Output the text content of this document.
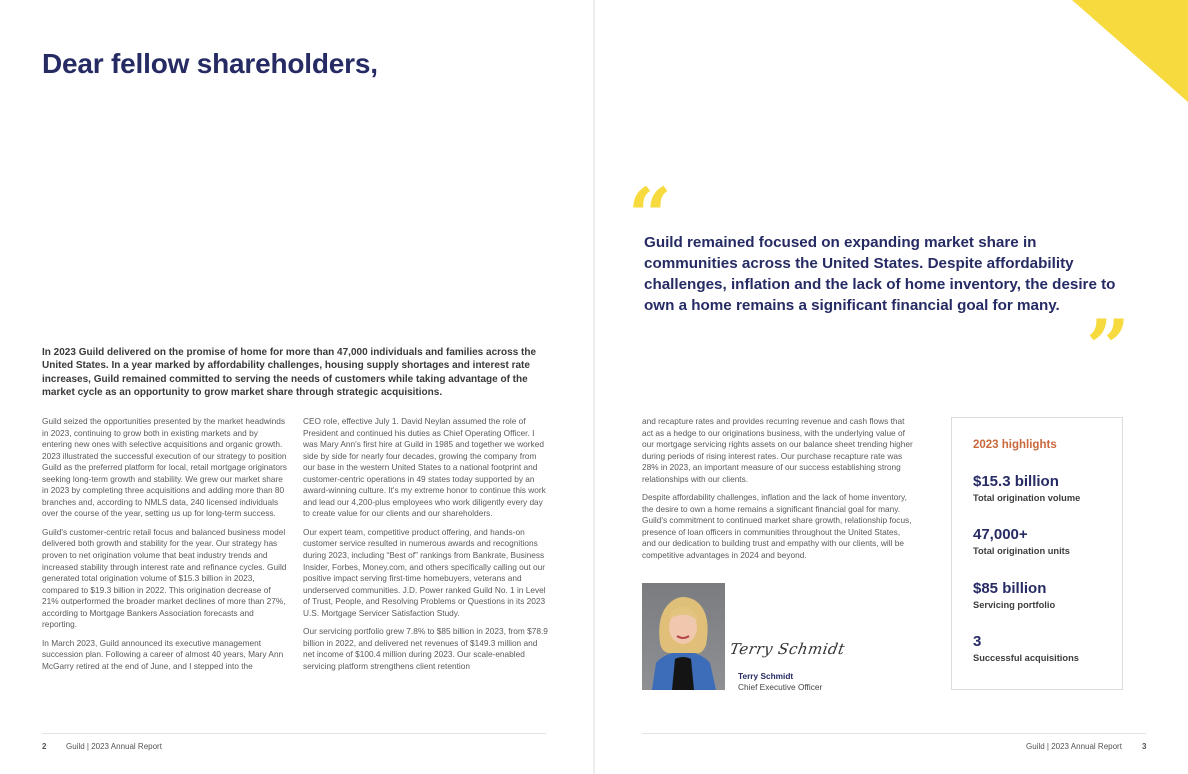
Dear fellow shareholders,

In 2023 Guild delivered on the promise of home for more than 47,000 individuals and families across the United States. In a year marked by affordability challenges, housing supply shortages and interest rate increases, Guild remained committed to serving the needs of customers while taking advantage of the market cycle as an opportunity to grow market share through strategic acquisitions.

Guild seized the opportunities presented by the market headwinds in 2023, continuing to grow both in existing markets and by entering new ones with selective acquisitions and organic growth. 2023 illustrated the successful execution of our strategy to position Guild as the preferred platform for local, retail mortgage originators seeking long-term growth and stability. We grew our market share in 2023 by completing three acquisitions and adding more than 80 branches and, according to NMLS data, 240 licensed individuals over the course of the year, setting us up for long-term success.

Guild's customer-centric retail focus and balanced business model delivered both growth and stability for the year. Our strategy has proven to net origination volume that beat industry trends and increased stability through interest rate and refinance cycles. Guild generated total origination volume of $15.3 billion in 2023, compared to $19.3 billion in 2022. This origination decrease of 21% outperformed the broader market declines of more than 27%, according to Mortgage Bankers Association forecasts and reporting.

In March 2023, Guild announced its executive management succession plan. Following a career of almost 40 years, Mary Ann McGarry retired at the end of June, and I stepped into the

CEO role, effective July 1. David Neylan assumed the role of President and continued his duties as Chief Operating Officer. I was Mary Ann's first hire at Guild in 1985 and together we worked side by side for nearly four decades, growing the company from our base in the western United States to a national footprint and customer-centric operations in 49 states today supported by an award-winning culture. It's my extreme honor to continue this work and lead our 4,200-plus employees who work diligently every day to create value for our clients and our shareholders.

Our expert team, competitive product offering, and hands-on customer service resulted in numerous awards and recognitions during 2023, including “Best of” rankings from Bankrate, Business Insider, Forbes, Money.com, and others specifically calling out our positive impact serving first-time homebuyers, veterans and underserved communities. J.D. Power ranked Guild No. 1 in Level of Trust, People, and Resolving Problems or Questions in its 2023 U.S. Mortgage Servicer Satisfaction Study.

Our servicing portfolio grew 7.8% to $85 billion in 2023, from $78.9 billion in 2022, and delivered net revenues of $149.3 million and net income of $100.4 million during 2023. Our scale-enabled servicing platform strengthens client retention

2 Guild | 2023 Annual Report
“

Guild remained focused on expanding market share in communities across the United States. Despite affordability challenges, inflation and the lack of home inventory, the desire to own a home remains a significant financial goal for many. ”

and recapture rates and provides recurring revenue and cash flows that act as a hedge to our originations business, with the underlying value of our mortgage servicing rights assets on our balance sheet trending higher during periods of rising interest rates. Our purchase recapture rate was 28% in 2023, an important measure of our success establishing strong relationships with our clients.

Despite affordability challenges, inflation and the lack of home inventory, the desire to own a home remains a significant financial goal for many. Guild's commitment to continued market share growth, relationship focus, presence of loan officers in communities throughout the United States, and our dedication to building trust and empathy with our clients, will be competitive advantages in 2024 and beyond.

Terry Schmidt
Terry Schmidt
Chief Executive Officer
2023 highlights
$15.3 billion
Total origination volume
47,000+
Total origination units
$85 billion
Servicing portfolio
3
Successful acquisitions
Guild | 2023 Annual Report	3
